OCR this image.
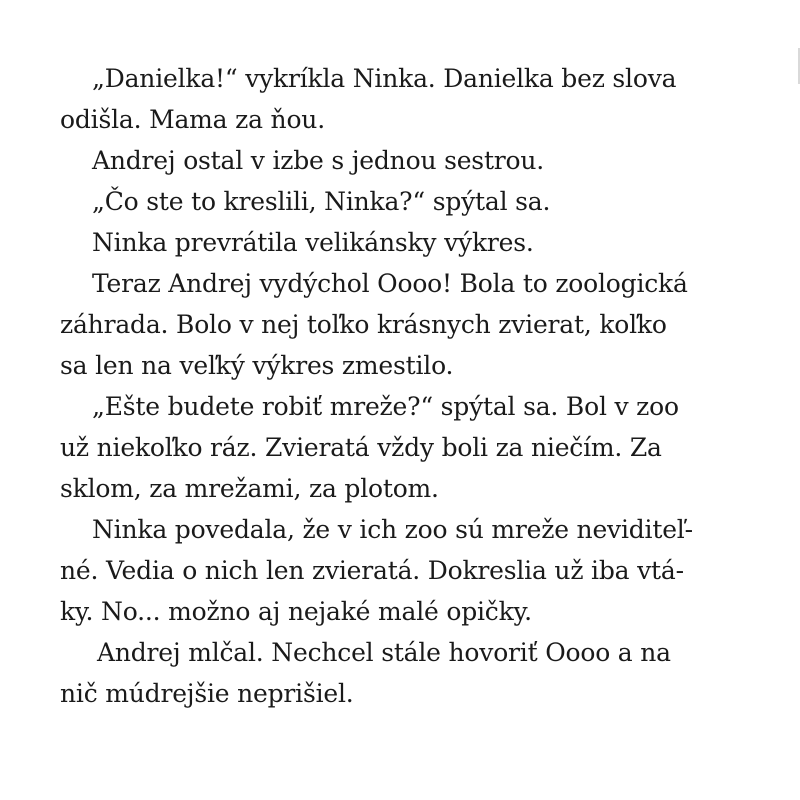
„Danielka!“ vykríkla Ninka. Danielka bez slova
odišla. Mama za ňou.
Andrej ostal v izbe s jednou sestrou.
„Čo ste to kreslili, Ninka?“ spýtal sa.
Ninka prevrátila velikánsky výkres.
Teraz Andrej vydýchol Oooo! Bola to zoologická
záhrada. Bolo v nej toľko krásnych zvierat, koľko
sa len na veľký výkres zmestilo.
„Ešte budete robiť mreže?“ spýtal sa. Bol v zoo
už niekoľko ráz. Zvieratá vždy boli za niečím. Za
sklom, za mrežami, za plotom.
Ninka povedala, že v ich zoo sú mreže neviditeľ-
né. Vedia o nich len zvieratá. Dokreslia už iba vtá-
ky. No... možno aj nejaké malé opičky.
Andrej mlčal. Nechcel stále hovoriť Oooo a na
nič múdrejšie neprišiel.
